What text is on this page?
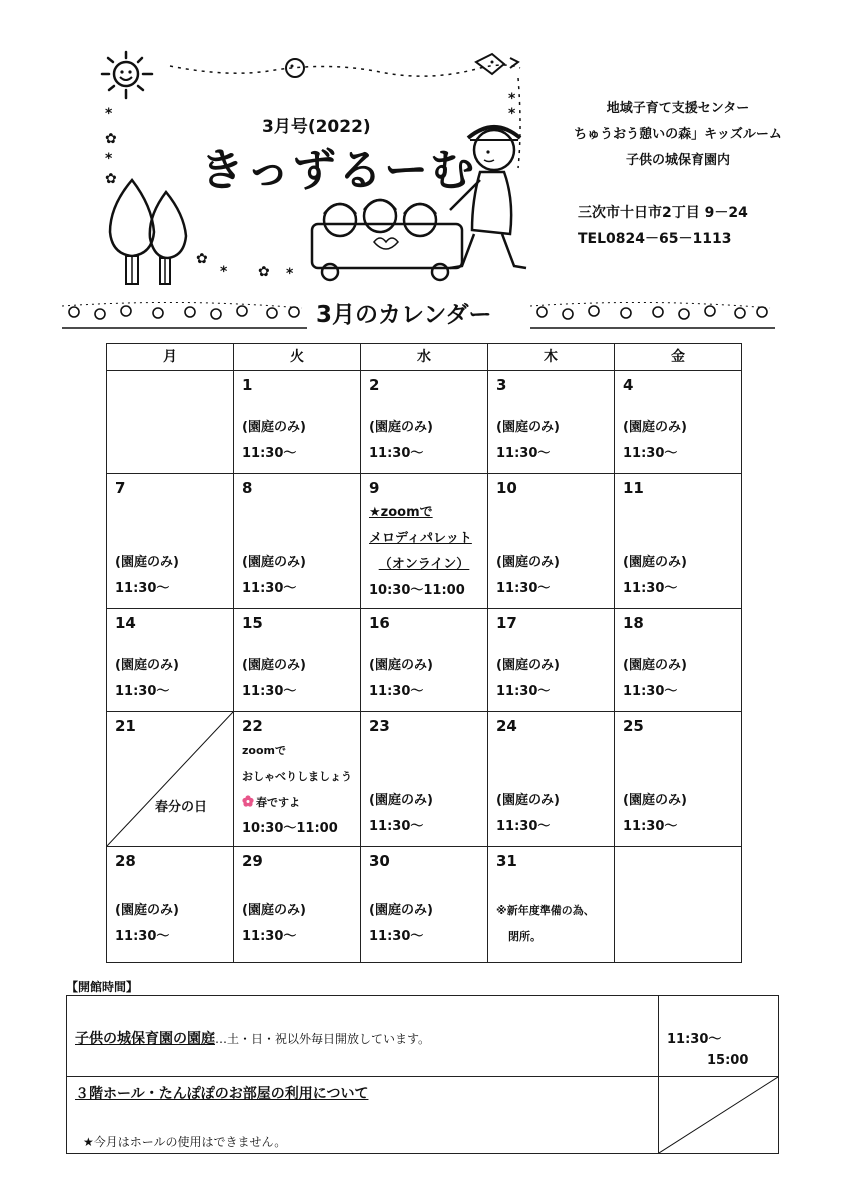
*
*
*
✿
*
✿
* ✿ *
✿
3月号(2022)
きっずるーむ
地域子育て支援センター
ちゅうおう憩いの森」キッズルーム
子供の城保育園内
三次市十日市2丁目 9－24
TEL0824－65－1113
3月のカレンダー
月	火	水	木	金

	1
(園庭のみ)
11:30～	2
(園庭のみ)
11:30～	3
(園庭のみ)
11:30～	4
(園庭のみ)
11:30～

7
(園庭のみ)
11:30～	8
(園庭のみ)
11:30～	9
★zoomで
メロディパレット
（オンライン）
10:30～11:00	10
(園庭のみ)
11:30～	11
(園庭のみ)
11:30～

14
(園庭のみ)
11:30～	15
(園庭のみ)
11:30～	16
(園庭のみ)
11:30～	17
(園庭のみ)
11:30～	18
(園庭のみ)
11:30～

21
春分の日	22
zoomで
おしゃべりしましょう
春ですよ
10:30～11:00	23
(園庭のみ)
11:30～	24
(園庭のみ)
11:30～	25
(園庭のみ)
11:30～

28
(園庭のみ)
11:30～	29
(園庭のみ)
11:30～	30
(園庭のみ)
11:30～	31
※新年度準備の為、
閉所。	

【開館時間】
子供の城保育園の園庭…土・日・祝以外毎日開放しています。	11:30～
15:00

３階ホール・たんぽぽのお部屋の利用について
★今月はホールの使用はできません。
